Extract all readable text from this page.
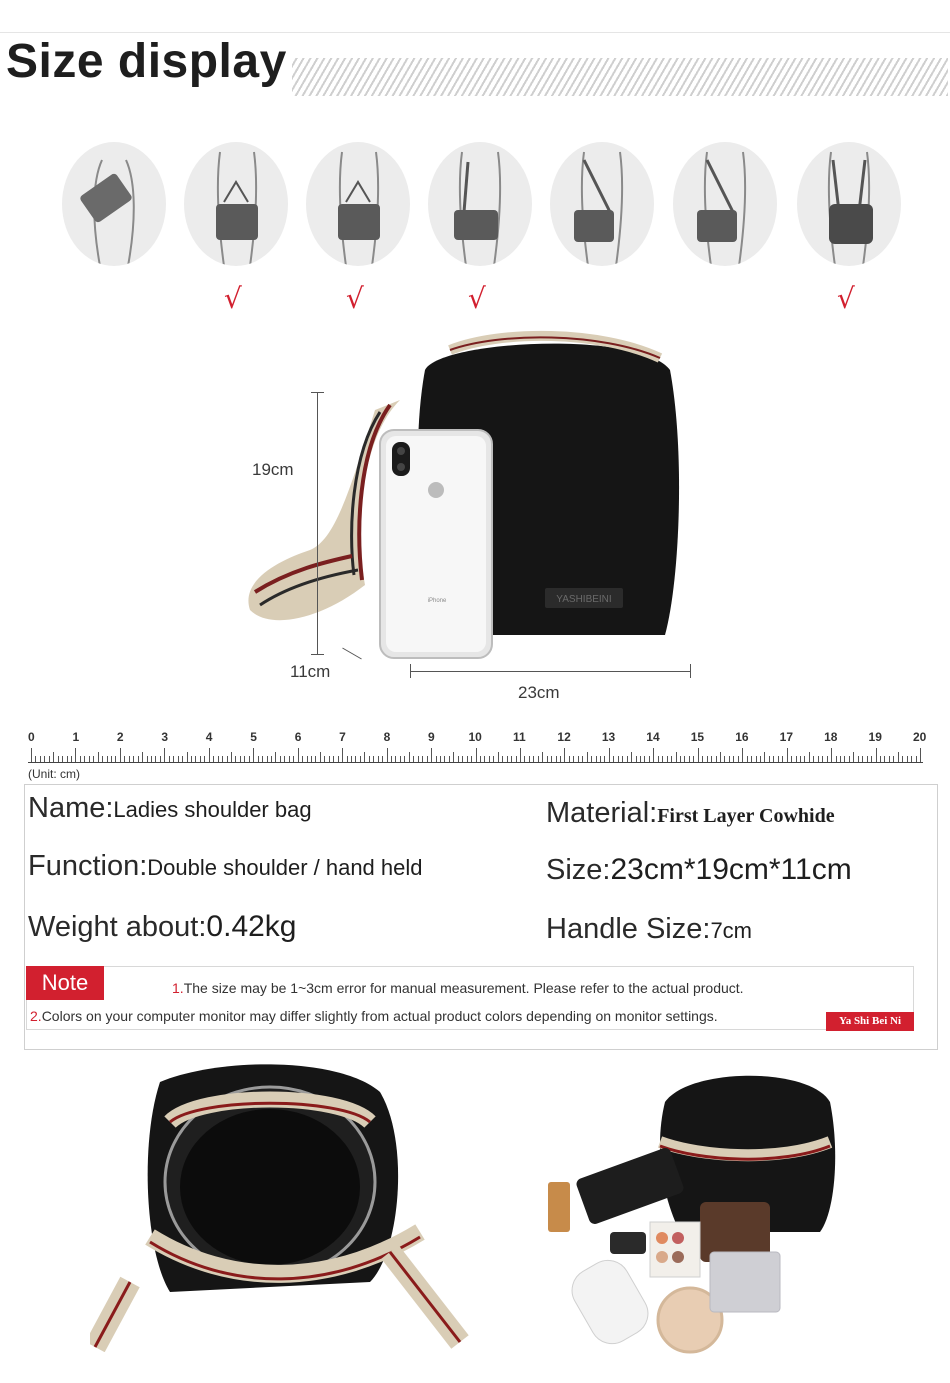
Size display
√	√	√	√
YASHIBEINI
iPhone
19cm
11cm
23cm
0	1	2	3	4	5	6	7	8	9	10	11	12	13	14	15	16	17	18	19	20
(Unit: cm)
Name:Ladies shoulder bag
Function:Double shoulder / hand held
Weight about:0.42kg
Material:First Layer Cowhide
Size:23cm*19cm*11cm
Handle Size:7cm
Note	1.The size may be 1~3cm error for manual measurement. Please refer to the actual product.
2.Colors on your computer monitor may differ slightly from actual product colors depending on monitor settings.	Ya Shi Bei Ni
